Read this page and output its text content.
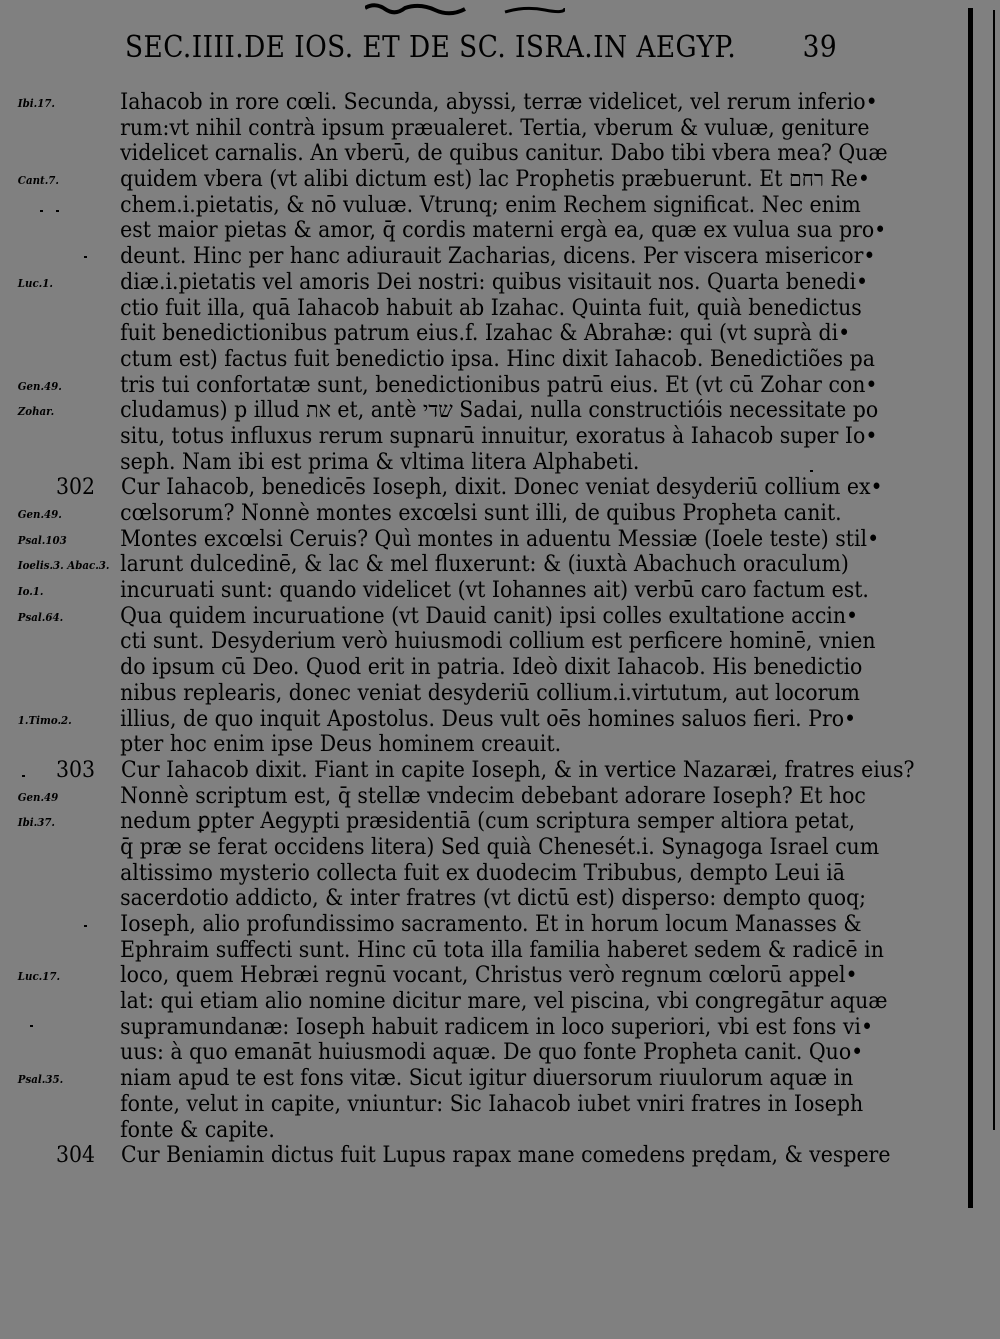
SEC.IIII.DE IOS. ET DE SC. ISRA.IN AEGYP. 39
Ibi.17.	Iahacob in rore cœli. Secunda, abyssi, terræ videlicet, vel rerum inferio•
rum:vt nihil contrà ipsum præualeret. Tertia, vberum & vuluæ, geniture
videlicet carnalis. An vberū, de quibus canitur. Dabo tibi vbera mea? Quæ
Cant.7.	quidem vbera (vt alibi dictum est) lac Prophetis præbuerunt. Et רחם Re•
chem.i.pietatis, & nō vuluæ. Vtrunq; enim Rechem significat. Nec enim
est maior pietas & amor, q̄ cordis materni ergà ea, quæ ex vulua sua pro•
deunt. Hinc per hanc adiurauit Zacharias, dicens. Per viscera misericor•
Luc.1.	diæ.i.pietatis vel amoris Dei nostri: quibus visitauit nos. Quarta benedi•
ctio fuit illa, quā Iahacob habuit ab Izahac. Quinta fuit, quià benedictus
fuit benedictionibus patrum eius.f. Izahac & Abrahæ: qui (vt suprà di•
ctum est) factus fuit benedictio ipsa. Hinc dixit Iahacob. Benedictiões pa
Gen.49.	tris tui confortatæ sunt, benedictionibus patrū eius. Et (vt cū Zohar con•
Zohar.	cludamus) p illud את et, antè שדי Sadai, nulla constructióis necessitate po
situ, totus influxus rerum supnarū innuitur, exoratus à Iahacob super Io•
seph. Nam ibi est prima & vltima litera Alphabeti.
302 Cur Iahacob, benedicēs Ioseph, dixit. Donec veniat desyderiū collium ex•
Gen.49.	cœlsorum? Nonnè montes excœlsi sunt illi, de quibus Propheta canit.
Psal.103	Montes excœlsi Ceruis? Quì montes in aduentu Messiæ (Ioele teste) stil•
Ioelis.3. Abac.3. larunt dulcedinē, & lac & mel fluxerunt: & (iuxtà Abachuch oraculum)
Io.1.	incuruati sunt: quando videlicet (vt Iohannes ait) verbū caro factum est.
Psal.64.	Qua quidem incuruatione (vt Dauid canit) ipsi colles exultatione accin•
cti sunt. Desyderium verò huiusmodi collium est perficere hominē, vnien
do ipsum cū Deo. Quod erit in patria. Ideò dixit Iahacob. His benedictio
nibus replearis, donec veniat desyderiū collium.i.virtutum, aut locorum
1.Timo.2.	illius, de quo inquit Apostolus. Deus vult oēs homines saluos fieri. Pro•
pter hoc enim ipse Deus hominem creauit.
303 Cur Iahacob dixit. Fiant in capite Ioseph, & in vertice Nazaræi, fratres eius?
Gen.49	Nonnè scriptum est, q̄ stellæ vndecim debebant adorare Ioseph? Et hoc
Ibi.37.	nedum ꝑpter Aegypti præsidentiā (cum scriptura semper altiora petat,
q̄ præ se ferat occidens litera) Sed quià Chenesét.i. Synagoga Israel cum
altissimo mysterio collecta fuit ex duodecim Tribubus, dempto Leui iā
sacerdotio addicto, & inter fratres (vt dictū est) disperso: dempto quoq;
Ioseph, alio profundissimo sacramento. Et in horum locum Manasses &
Ephraim suffecti sunt. Hinc cū tota illa familia haberet sedem & radicē in
Luc.17.	loco, quem Hebræi regnū vocant, Christus verò regnum cœlorū appel•
lat: qui etiam alio nomine dicitur mare, vel piscina, vbi congregātur aquæ
supramundanæ: Ioseph habuit radicem in loco superiori, vbi est fons vi•
uus: à quo emanāt huiusmodi aquæ. De quo fonte Propheta canit. Quo•
Psal.35.	niam apud te est fons vitæ. Sicut igitur diuersorum riuulorum aquæ in
fonte, velut in capite, vniuntur: Sic Iahacob iubet vniri fratres in Ioseph
fonte & capite.
304 Cur Beniamin dictus fuit Lupus rapax mane comedens prędam, & vespere
